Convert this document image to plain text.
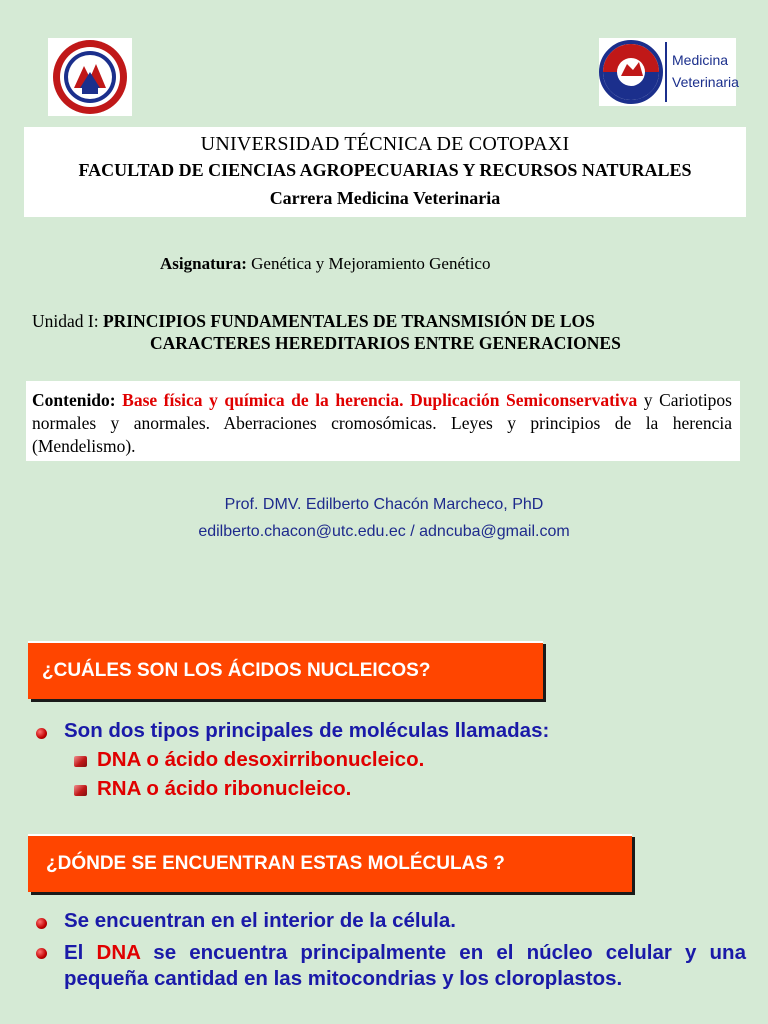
Medicina
Veterinaria
UNIVERSIDAD TÉCNICA DE COTOPAXI
FACULTAD DE CIENCIAS AGROPECUARIAS Y RECURSOS NATURALES
Carrera Medicina Veterinaria
Asignatura: Genética y Mejoramiento Genético
Unidad I: PRINCIPIOS FUNDAMENTALES DE TRANSMISIÓN DE LOS
CARACTERES HEREDITARIOS ENTRE GENERACIONES
Contenido: Base física y química de la herencia. Duplicación Semiconservativa y Cariotipos normales y anormales. Aberraciones cromosómicas. Leyes y principios de la herencia (Mendelismo).
Prof. DMV. Edilberto Chacón Marcheco, PhD
edilberto.chacon@utc.edu.ec / adncuba@gmail.com
¿CUÁLES SON LOS ÁCIDOS NUCLEICOS?
Son dos tipos principales de moléculas llamadas:
DNA o ácido desoxirribonucleico.
RNA o ácido ribonucleico.
¿DÓNDE SE ENCUENTRAN ESTAS MOLÉCULAS ?
Se encuentran en el interior de la célula.
El DNA se encuentra principalmente en el núcleo celular y una pequeña cantidad en las mitocondrias y los cloroplastos.
